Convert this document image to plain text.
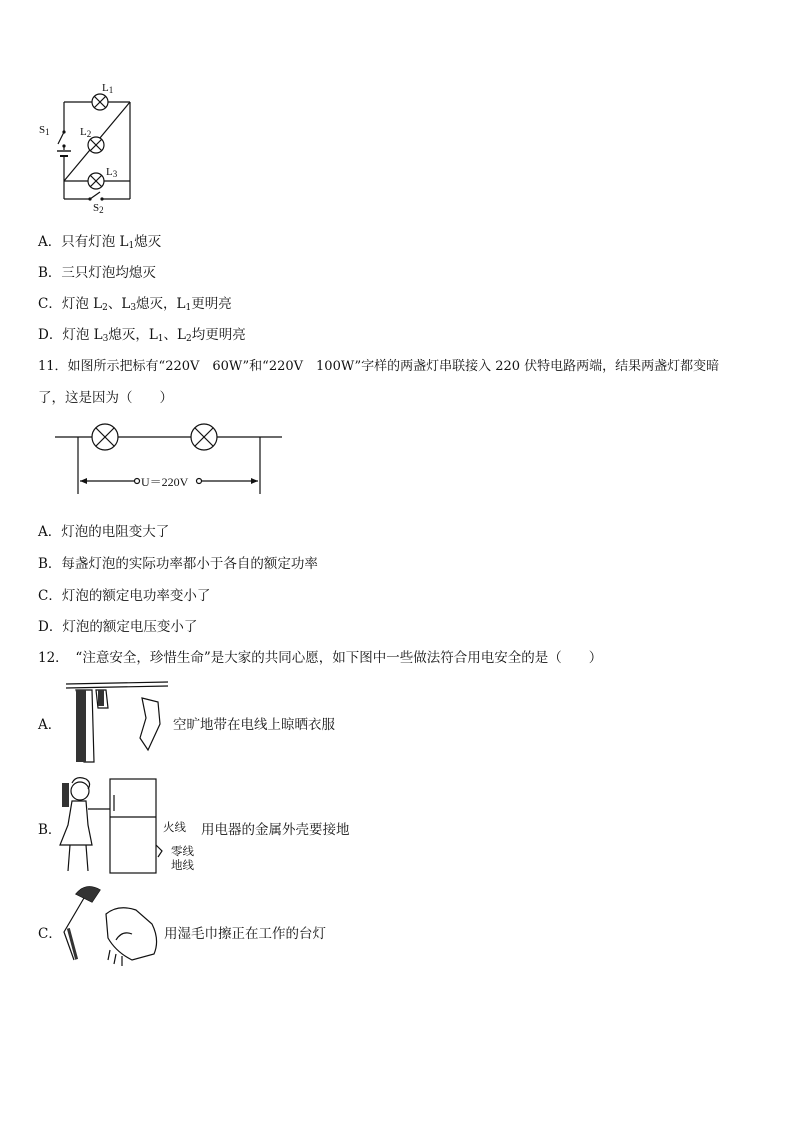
$L_1$
$L_2$
$L_3$
$S_1$
$S_2$
A．只有灯泡 $L_1$熄灭
B．三只灯泡均熄灭
C．灯泡 $L_2$、$L_3$熄灭，$L_1$更明亮
D．灯泡 $L_3$熄灭，$L_1$、$L_2$均更明亮
11．如图所示把标有“220V　60W”和“220V　100W”字样的两盏灯串联接入 220 伏特电路两端，结果两盏灯都变暗
了，这是因为（　　）
U＝220V
A．灯泡的电阻变大了
B．每盏灯泡的实际功率都小于各自的额定功率
C．灯泡的额定电功率变小了
D．灯泡的额定电压变小了
12．　“注意安全，珍惜生命”是大家的共同心愿，如下图中一些做法符合用电安全的是（　　）
A．	空旷地带在电线上晾晒衣服
B．	火线
零线
地线
用电器的金属外壳要接地
C．	用湿毛巾擦正在工作的台灯
